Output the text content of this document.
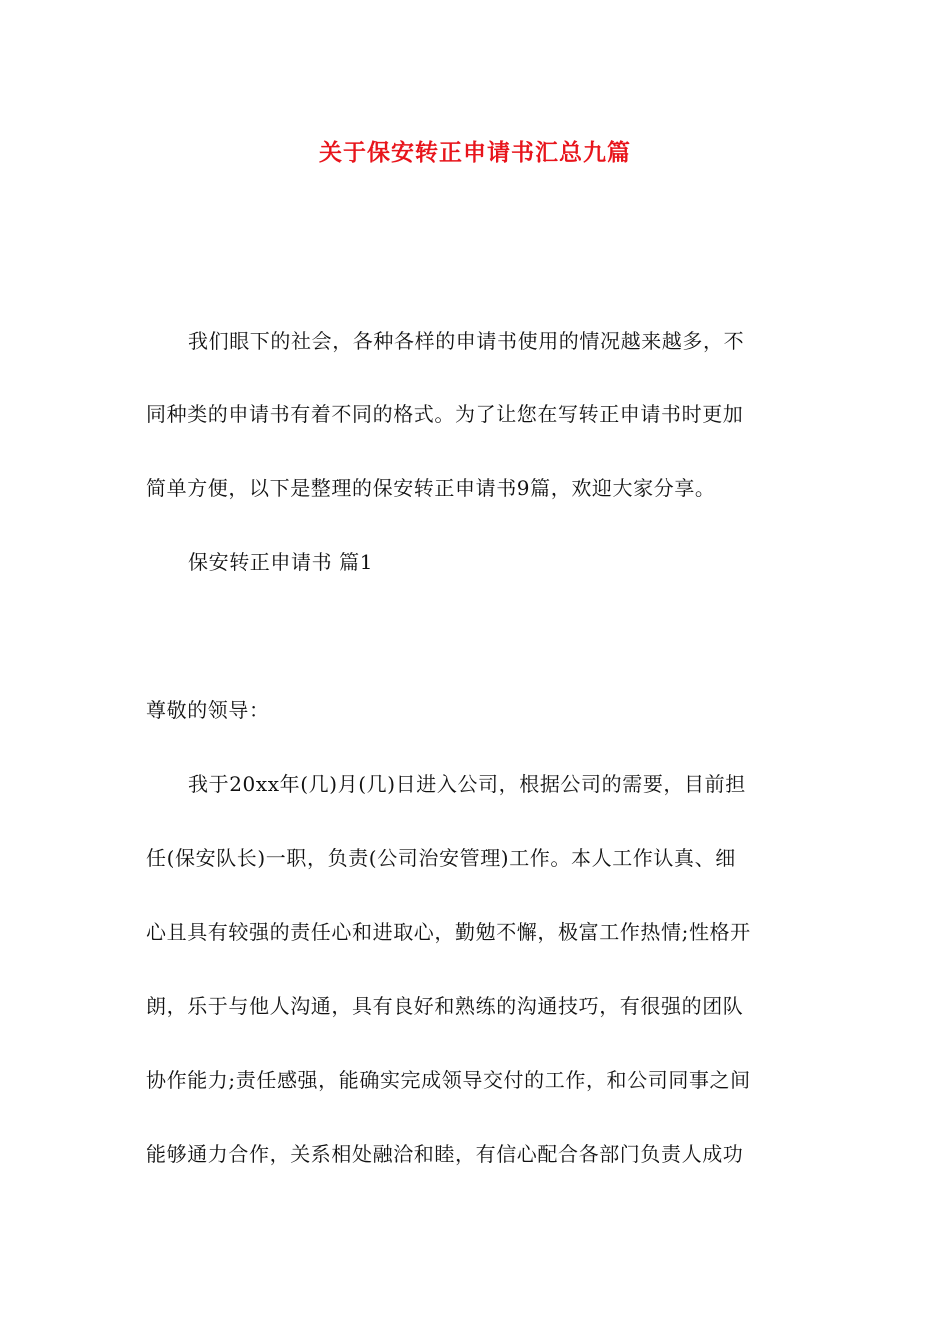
关于保安转正申请书汇总九篇

我们眼下的社会，各种各样的申请书使用的情况越来越多，不

同种类的申请书有着不同的格式。为了让您在写转正申请书时更加

简单方便，以下是整理的保安转正申请书9篇，欢迎大家分享。

保安转正申请书 篇1

尊敬的领导：

我于20xx年(几)月(几)日进入公司，根据公司的需要，目前担

任(保安队长)一职，负责(公司治安管理)工作。本人工作认真、细

心且具有较强的责任心和进取心，勤勉不懈，极富工作热情;性格开

朗，乐于与他人沟通，具有良好和熟练的沟通技巧，有很强的团队

协作能力;责任感强，能确实完成领导交付的工作，和公司同事之间

能够通力合作，关系相处融洽和睦，有信心配合各部门负责人成功
